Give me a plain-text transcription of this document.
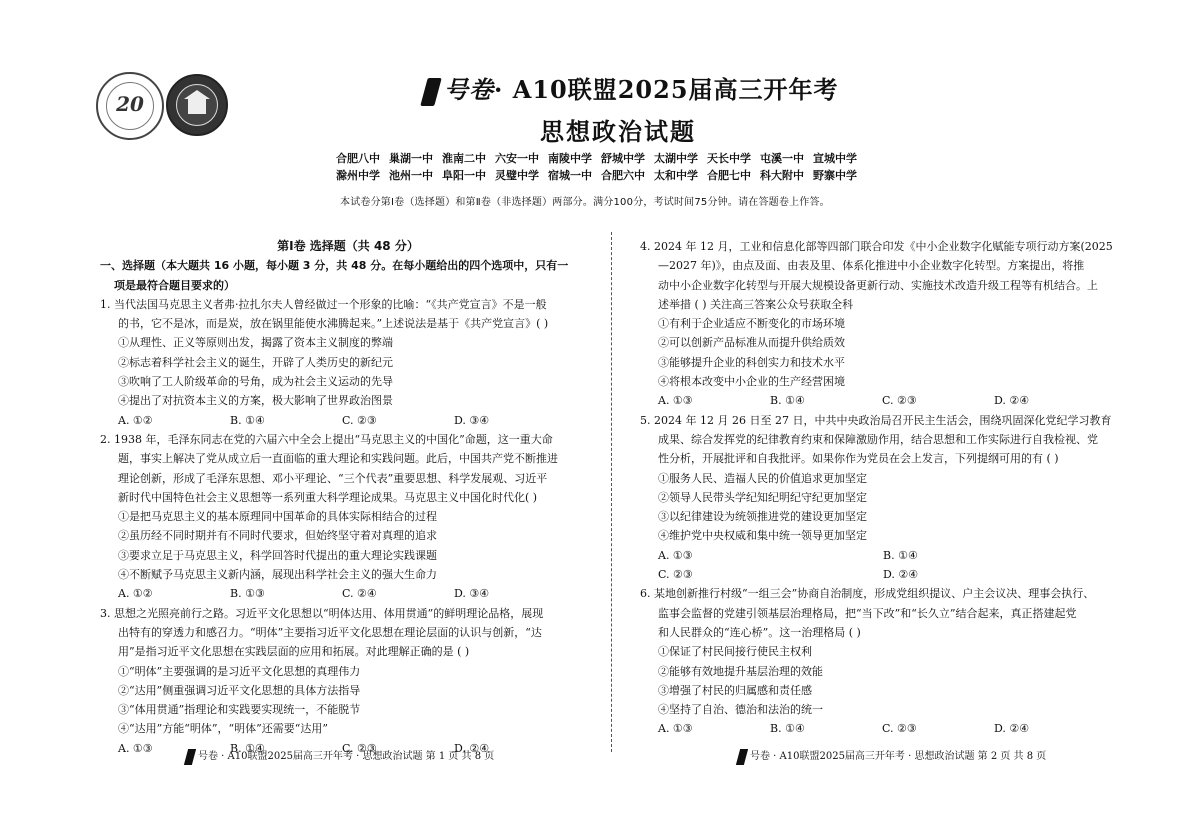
20	号卷· A10联盟2025届高三开年考
思想政治试题
合肥八中 巢湖一中 淮南二中 六安一中 南陵中学 舒城中学 太湖中学 天长中学 屯溪一中 宣城中学
滁州中学 池州一中 阜阳一中 灵璧中学 宿城一中 合肥六中 太和中学 合肥七中 科大附中 野寨中学
本试卷分第Ⅰ卷（选择题）和第Ⅱ卷（非选择题）两部分。满分100分，考试时间75分钟。请在答题卷上作答。
第Ⅰ卷 选择题（共 48 分）
一、选择题（本大题共 16 小题，每小题 3 分，共 48 分。在每小题给出的四个选项中，只有一
项是最符合题目要求的）
1. 当代法国马克思主义者弗·拉扎尔夫人曾经做过一个形象的比喻：“《共产党宣言》不是一般
的书，它不是冰，而是炭，放在锅里能使水沸腾起来。”上述说法是基于《共产党宣言》( )
①从理性、正义等原则出发，揭露了资本主义制度的弊端
②标志着科学社会主义的诞生，开辟了人类历史的新纪元
③吹响了工人阶级革命的号角，成为社会主义运动的先导
④提出了对抗资本主义的方案，极大影响了世界政治图景
A. ①②	B. ①④	C. ②③	D. ③④
2. 1938 年，毛泽东同志在党的六届六中全会上提出“马克思主义的中国化”命题，这一重大命
题，事实上解决了党从成立后一直面临的重大理论和实践问题。此后，中国共产党不断推进
理论创新，形成了毛泽东思想、邓小平理论、“三个代表”重要思想、科学发展观、习近平
新时代中国特色社会主义思想等一系列重大科学理论成果。马克思主义中国化时代化( )
①是把马克思主义的基本原理同中国革命的具体实际相结合的过程
②虽历经不同时期并有不同时代要求，但始终坚守着对真理的追求
③要求立足于马克思主义，科学回答时代提出的重大理论实践课题
④不断赋予马克思主义新内涵，展现出科学社会主义的强大生命力
A. ①②	B. ①③	C. ②④	D. ③④
3. 思想之光照亮前行之路。习近平文化思想以“明体达用、体用贯通”的鲜明理论品格，展现
出特有的穿透力和感召力。“明体”主要指习近平文化思想在理论层面的认识与创新，“达
用”是指习近平文化思想在实践层面的应用和拓展。对此理解正确的是 ( )
①“明体”主要强调的是习近平文化思想的真理伟力
②“达用”侧重强调习近平文化思想的具体方法指导
③“体用贯通”指理论和实践要实现统一，不能脱节
④“达用”方能“明体”，“明体”还需要“达用”
A. ①③	B. ①④	C. ②③	D. ②④
4. 2024 年 12 月，工业和信息化部等四部门联合印发《中小企业数字化赋能专项行动方案(2025
—2027 年)》，由点及面、由表及里、体系化推进中小企业数字化转型。方案提出，将推
动中小企业数字化转型与开展大规模设备更新行动、实施技术改造升级工程等有机结合。上
述举措 ( ) 关注高三答案公众号获取全科
①有利于企业适应不断变化的市场环境
②可以创新产品标准从而提升供给质效
③能够提升企业的科创实力和技术水平
④将根本改变中小企业的生产经营困境
A. ①③	B. ①④	C. ②③	D. ②④
5. 2024 年 12 月 26 日至 27 日，中共中央政治局召开民主生活会，围绕巩固深化党纪学习教育
成果、综合发挥党的纪律教育约束和保障激励作用，结合思想和工作实际进行自我检视、党
性分析，开展批评和自我批评。如果你作为党员在会上发言，下列提纲可用的有 ( )
①服务人民、造福人民的价值追求更加坚定
②领导人民带头学纪知纪明纪守纪更加坚定
③以纪律建设为统领推进党的建设更加坚定
④维护党中央权威和集中统一领导更加坚定
A. ①③	B. ①④
C. ②③	D. ②④
6. 某地创新推行村级“一组三会”协商自治制度，形成党组织提议、户主会议决、理事会执行、
监事会监督的党建引领基层治理格局，把“当下改”和“长久立”结合起来，真正搭建起党
和人民群众的“连心桥”。这一治理格局 ( )
①保证了村民间接行使民主权利
②能够有效地提升基层治理的效能
③增强了村民的归属感和责任感
④坚持了自治、德治和法治的统一
A. ①③	B. ①④	C. ②③	D. ②④
号卷 · A10联盟2025届高三开年考 · 思想政治试题 第 1 页 共 8 页	号卷 · A10联盟2025届高三开年考 · 思想政治试题 第 2 页 共 8 页
